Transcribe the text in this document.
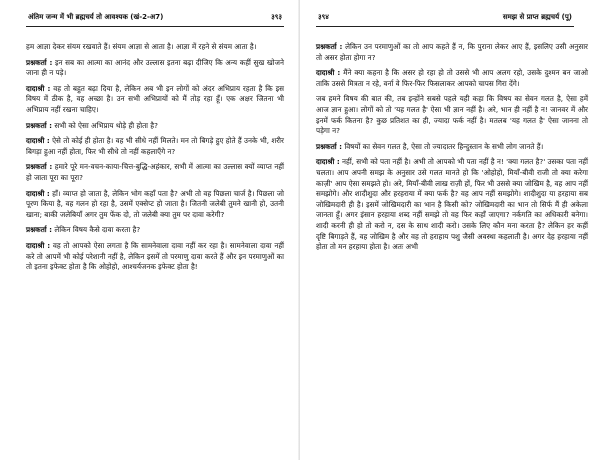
अंतिम जन्म में भी ब्रह्मचर्य तो आवश्यक (खं-2-अ7)	३९३

हम आज्ञा देकर संयम रखवाते हैं। संयम आज्ञा से आता है। आज्ञा में रहने से संयम आता है।

प्रश्नकर्ता : इन सब का आत्मा का आनंद और उल्लास इतना बढ़ा दीजिए कि अन्य कहीं सुख खोजने जाना ही न पड़े।

दादाश्री : वह तो बहुत बढ़ा दिया है, लेकिन अब भी इन लोगों को अंदर अभिप्राय रहता है कि इस विषय में ठीक है, वह अच्छा है। उन सभी अभिप्रायों को मैं तोड़ रहा हूँ। एक अक्षर जितना भी अभिप्राय नहीं रखना चाहिए।

प्रश्नकर्ता : सभी को ऐसा अभिप्राय थोड़े ही होता है?

दादाश्री : ऐसे तो कोई ही होता है। वह भी सीधे नहीं मिलते। मन तो बिगड़े हुए होते हैं उनके भी, शरीर बिगड़ा हुआ नहीं होता, फिर भी सीधे तो नहीं कहलाएँगे न?

प्रश्नकर्ता : हमारे पूरे मन-वचन-काया-चित्त-बुद्धि-अहंकार, सभी में आत्मा का उल्लास क्यों व्याप्त नहीं हो जाता पूरा का पूरा?

दादाश्री : हाँ। व्याप्त हो जाता है, लेकिन भोग कहाँ पता है? अभी तो वह पिछला चार्ज है। पिछला जो पूरण किया है, वह गलन हो रहा है, उसमें एक्सेप्ट हो जाता है। जितनी जलेबी तुमने खानी हो, उतनी खाना; बाकी जलेबियाँ अगर तुम फेंक दो, तो जलेबी क्या तुम पर दावा करेगी?

प्रश्नकर्ता : लेकिन विषय कैसे दावा करता है?

दादाश्री : वह तो आपको ऐसा लगता है कि सामनेवाला दावा नहीं कर रहा है। सामनेवाला दावा नहीं करे तो आपमें भी कोई परेशानी नहीं है, लेकिन इसमें तो परमाणु दावा करते हैं और इन परमाणुओं का तो इतना इफेक्ट होता है कि ओहोहो, आश्चर्यजनक इफेक्ट होता है!

३९४	समझ से प्राप्त ब्रह्मचर्य (पू)

प्रश्नकर्ता : लेकिन उन परमाणुओं का तो आप कहते हैं न, कि पुराना लेकर आए हैं, इसलिए उसी अनुसार तो असर होता होगा न?

दादाश्री : मैंने क्या कहना है कि असर हो रहा हो तो उससे भी आप अलग रहो, उसके दुश्मन बन जाओ ताकि उससे मित्रता न रहे, वर्ना वे फिर-फिर फिसलाकर आपको चापस गिरा देंगे।

जब हमने विषय की बात की, तब इन्होंने सबसे पहले यही कहा कि विषय का सेवन गलत है, ऐसा हमें आज ज्ञान हुआ। लोगों को तो 'यह गलत है' ऐसा भी ज्ञान नहीं है। अरे, भान ही नहीं है न! जानवर में और इनमें फर्क कितना है? कुछ प्रतिशत का ही, ज्यादा फर्क नहीं है। मतलब 'यह गलत है' ऐसा जानना तो पड़ेगा न?

प्रश्नकर्ता : विषयों का सेवन गलत है, ऐसा तो ज्यादातर हिन्दुस्तान के सभी लोग जानते हैं।

दादाश्री : नहीं, सभी को पता नहीं है। अभी तो आपको भी पता नहीं है न! 'क्या गलत है?' उसका पता नहीं चलता। आप अपनी समझ के अनुसार उसे गलत मानते हो कि 'ओहोहो, मियाँ-बीवी राजी तो क्या करेगा काज़ी' आप ऐसा समझते हो। अरे, मियाँ-बीवी लाख राज़ी हों, फिर भी उससे क्या जोखिम है, वह आप नहीं समझोगे। और शादीशुदा और हरहराया में क्या फर्क है? वह आप नहीं समझोगे। शादीशुदा या हरहाया सब जोखिमदारी ही है। इसमें जोखिमदारी का भान है किसी को? जोखिमदारी का भान तो सिर्फ मैं ही अकेला जानता हूँ। अगर इंसान हरहाया शब्द नहीं समझे तो वह फिर कहाँ जाएगा? नर्कगति का अधिकारी बनेगा। शादी करनी ही हो तो करो न, दस के साथ शादी करो। उसके लिए कौन मना करता है? लेकिन हर कहीं दृष्टि बिगाड़ते हैं, वह जोखिम है और वह तो हराहाय पशु जैसी अवस्था कहलाती है। अगर देह हरहाया नहीं होता तो मन हरहाया होता है। अतः अभी
